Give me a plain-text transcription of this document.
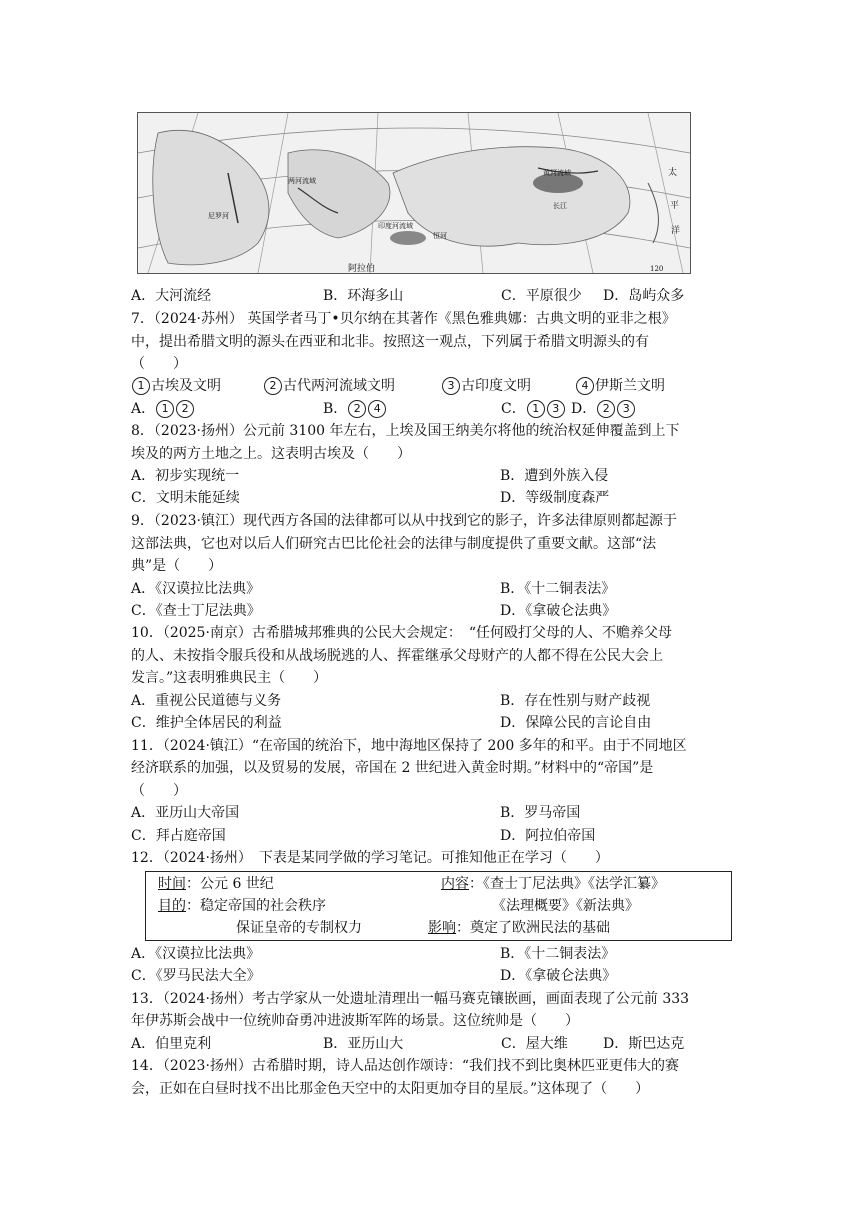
黄河流域
长江
太
平
洋
尼罗河
两河流域
印度河流域
恒河
阿拉伯	120
A．大河流经	B．环海多山	C．平原很少 D．岛屿众多
7．（2024·苏州） 英国学者马丁•贝尔纳在其著作《黑色雅典娜：古典文明的亚非之根》
中，提出希腊文明的源头在西亚和北非。按照这一观点，下列属于希腊文明源头的有
（　　）
1 古埃及文明	2 古代两河流域文明	3 古印度文明	4 伊斯兰文明
A． 1 2	B． 2 4	C． 1 3 D． 2 3
8．（2023·扬州）公元前 3100 年左右，上埃及国王纳美尔将他的统治权延伸覆盖到上下
埃及的两方土地之上。这表明古埃及（　　）
A．初步实现统一	B．遭到外族入侵
C．文明未能延续	D．等级制度森严
9．（2023·镇江）现代西方各国的法律都可以从中找到它的影子，许多法律原则都起源于
这部法典，它也对以后人们研究古巴比伦社会的法律与制度提供了重要文献。这部“法
典”是（　　）
A．《汉谟拉比法典》	B．《十二铜表法》
C．《查士丁尼法典》	D．《拿破仑法典》
10．（2025·南京）古希腊城邦雅典的公民大会规定：　“任何殴打父母的人、不赡养父母
的人、未按指令服兵役和从战场脱逃的人、挥霍继承父母财产的人都不得在公民大会上
发言。”这表明雅典民主（　　）
A．重视公民道德与义务	B．存在性别与财产歧视
C．维护全体居民的利益	D．保障公民的言论自由
11．（2024·镇江）“在帝国的统治下，地中海地区保持了 200 多年的和平。由于不同地区
经济联系的加强，以及贸易的发展，帝国在 2 世纪进入黄金时期。”材料中的“帝国”是
（　　）
A．亚历山大帝国	B．罗马帝国
C．拜占庭帝国	D．阿拉伯帝国
12．（2024·扬州）　下表是某同学做的学习笔记。可推知他正在学习（　　）
时间：公元 6 世纪	内容：《查士丁尼法典》《法学汇纂》
目的：稳定帝国的社会秩序	《法理概要》《新法典》
保证皇帝的专制权力	影响：奠定了欧洲民法的基础
A．《汉谟拉比法典》	B．《十二铜表法》
C．《罗马民法大全》	D．《拿破仑法典》
13．（2024·扬州）考古学家从一处遗址清理出一幅马赛克镶嵌画，画面表现了公元前 333
年伊苏斯会战中一位统帅奋勇冲进波斯军阵的场景。这位统帅是（　　）
A．伯里克利	B．亚历山大	C．屋大维	D．斯巴达克
14．（2023·扬州）古希腊时期，诗人品达创作颂诗：“我们找不到比奥林匹亚更伟大的赛
会，正如在白昼时找不出比那金色天空中的太阳更加夺目的星辰。”这体现了（　　）
